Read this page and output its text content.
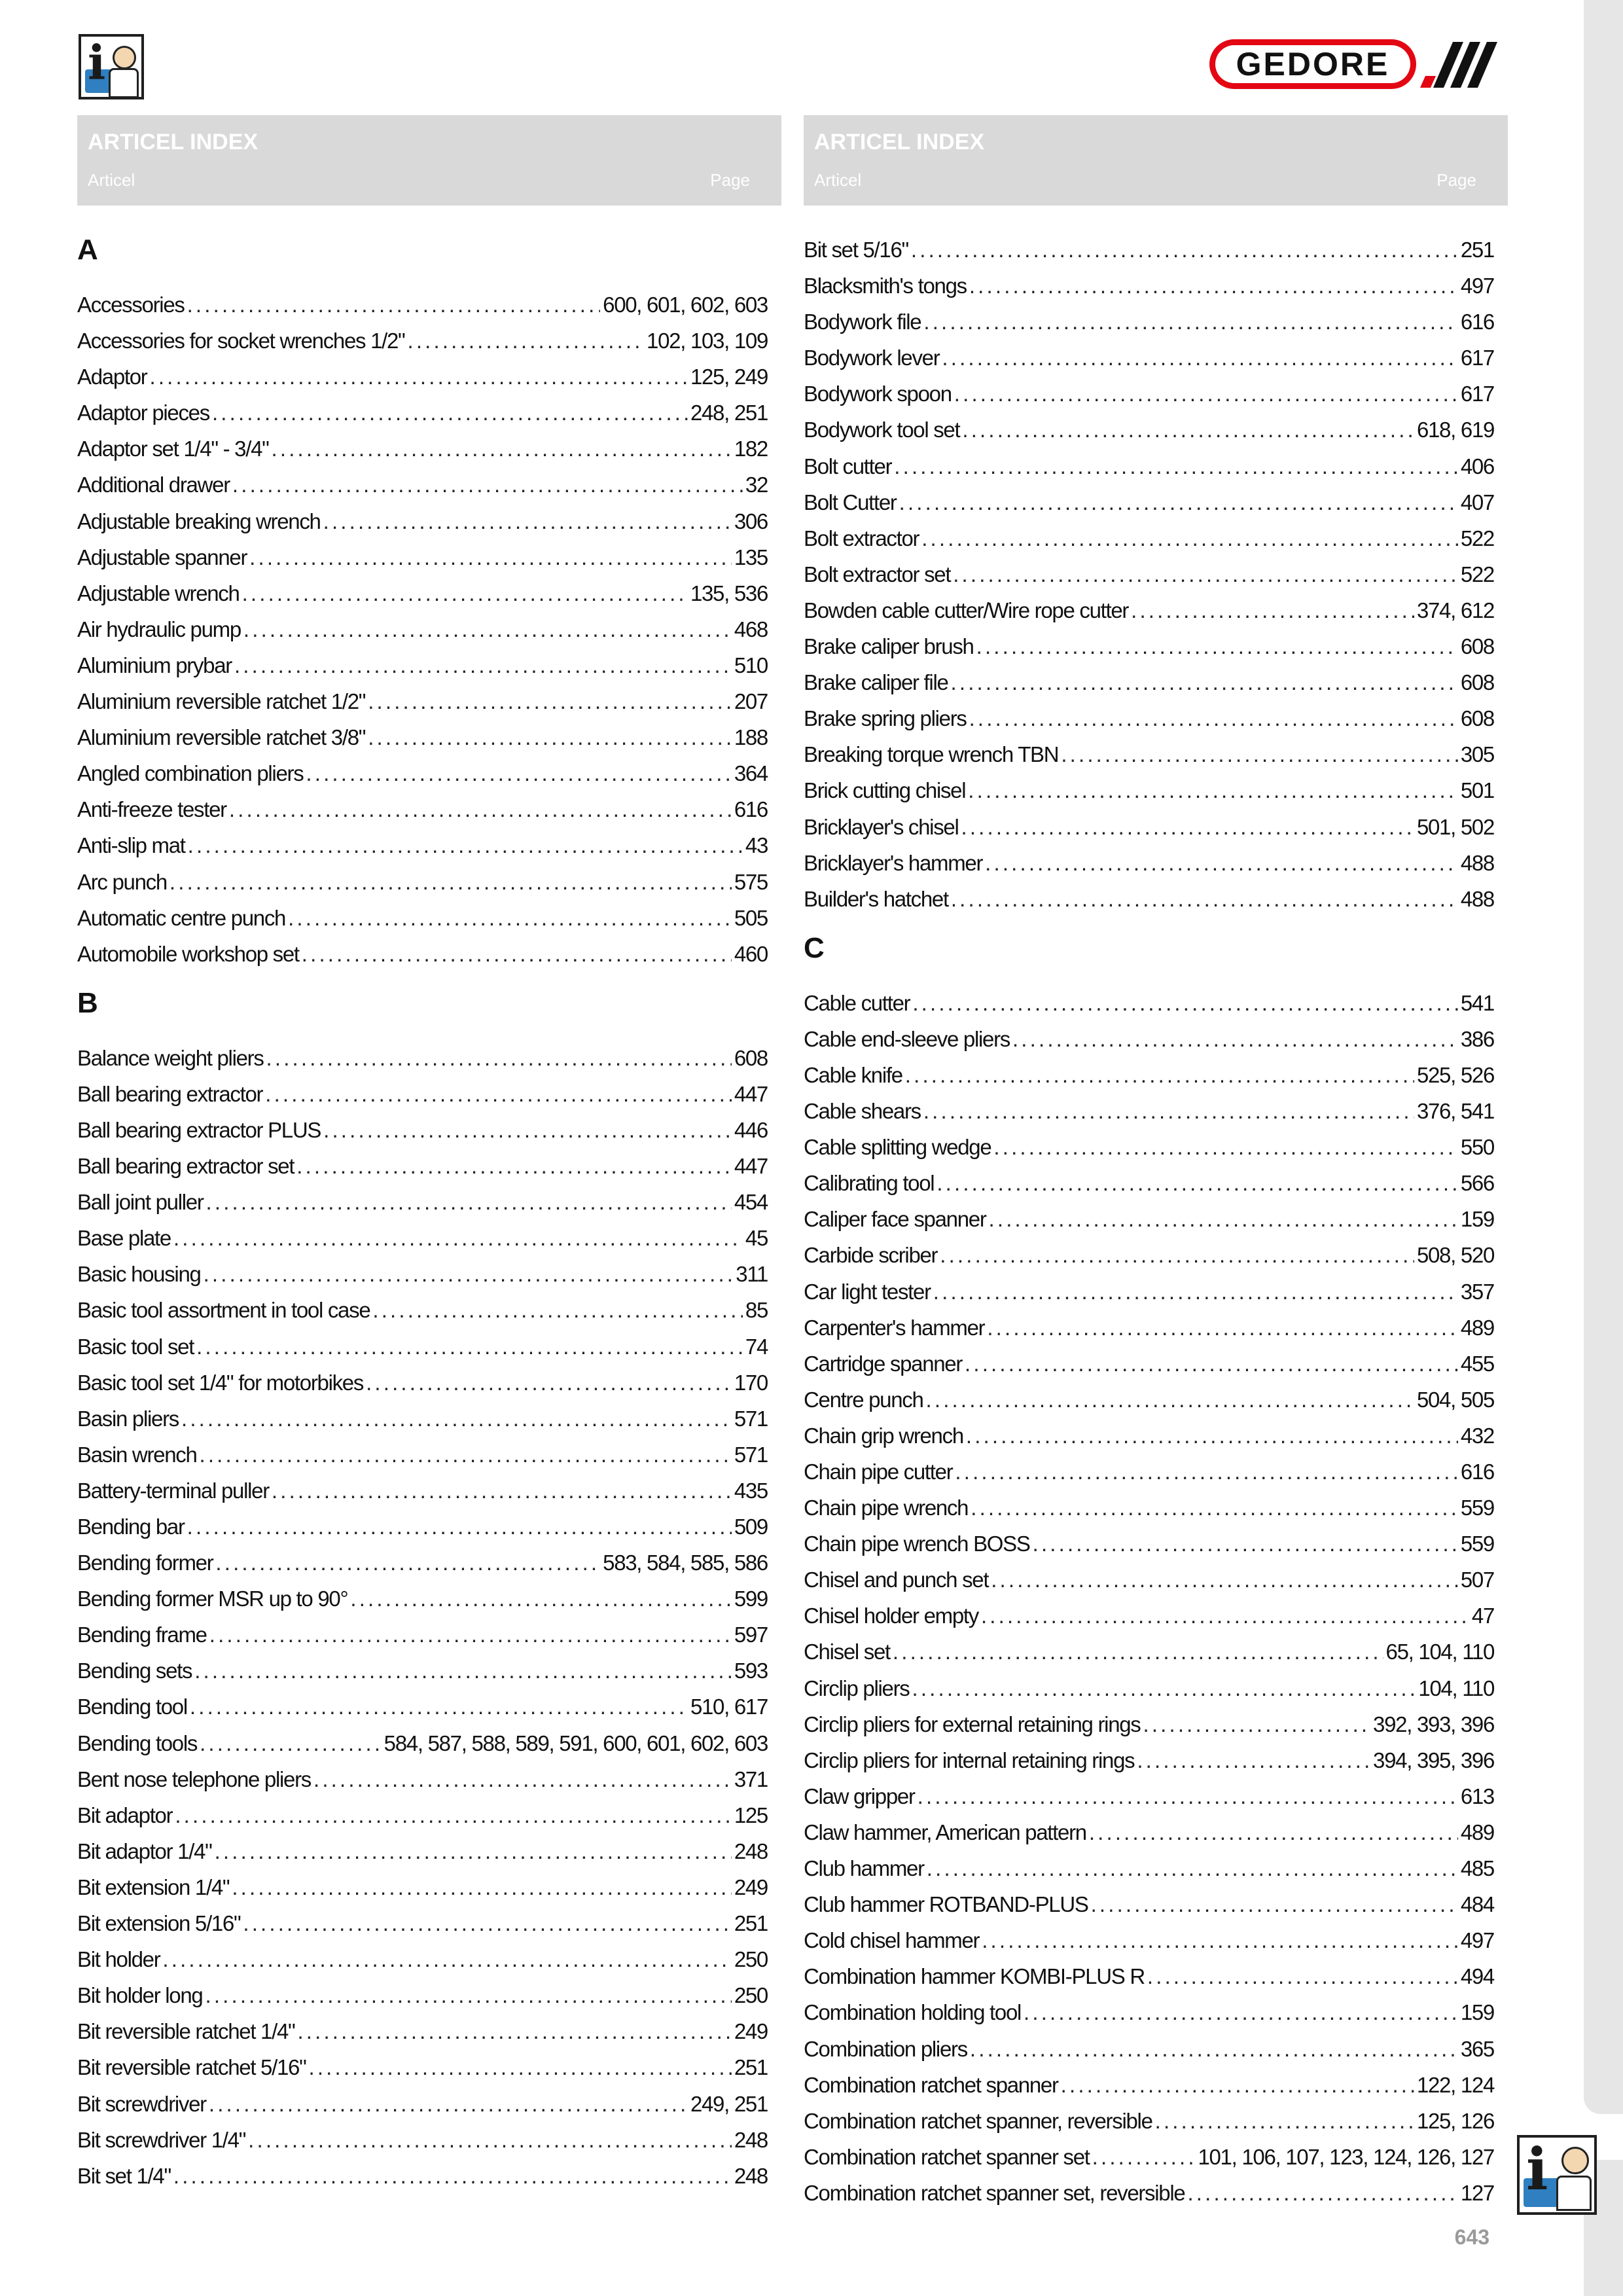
i	GEDORE
ARTICEL INDEX
Articel	Page
ARTICEL INDEX
Articel	Page
A
Accessories . . .	600, 601, 602, 603
Accessories for socket wrenches 1/2" . . .	102, 103, 109
Adaptor . . .	125, 249
Adaptor pieces . . .	248, 251
Adaptor set 1/4" - 3/4" . . .	182
Additional drawer . . .	32
Adjustable breaking wrench . . .	306
Adjustable spanner . . .	135
Adjustable wrench . . .	135, 536
Air hydraulic pump . . .	468
Aluminium prybar . . .	510
Aluminium reversible ratchet 1/2" . . .	207
Aluminium reversible ratchet 3/8" . . .	188
Angled combination pliers . . .	364
Anti-freeze tester . . .	616
Anti-slip mat . . .	43
Arc punch . . .	575
Automatic centre punch . . .	505
Automobile workshop set . . .	460
B
Balance weight pliers . . .	608
Ball bearing extractor . . .	447
Ball bearing extractor PLUS . . .	446
Ball bearing extractor set . . .	447
Ball joint puller . . .	454
Base plate . . .	45
Basic housing . . .	311
Basic tool assortment in tool case . . .	85
Basic tool set . . .	74
Basic tool set 1/4" for motorbikes . . .	170
Basin pliers . . .	571
Basin wrench . . .	571
Battery-terminal puller . . .	435
Bending bar . . .	509
Bending former . . .	583, 584, 585, 586
Bending former MSR up to 90° . . .	599
Bending frame . . .	597
Bending sets . . .	593
Bending tool . . .	510, 617
Bending tools . . .	584, 587, 588, 589, 591, 600, 601, 602, 603
Bent nose telephone pliers . . .	371
Bit adaptor . . .	125
Bit adaptor 1/4" . . .	248
Bit extension 1/4" . . .	249
Bit extension 5/16" . . .	251
Bit holder . . .	250
Bit holder long . . .	250
Bit reversible ratchet 1/4" . . .	249
Bit reversible ratchet 5/16" . . .	251
Bit screwdriver . . .	249, 251
Bit screwdriver 1/4" . . .	248
Bit set 1/4" . . .	248
Bit set 5/16" . . .	251
Blacksmith's tongs . . .	497
Bodywork file . . .	616
Bodywork lever . . .	617
Bodywork spoon . . .	617
Bodywork tool set . . .	618, 619
Bolt cutter . . .	406
Bolt Cutter . . .	407
Bolt extractor . . .	522
Bolt extractor set . . .	522
Bowden cable cutter/Wire rope cutter . . .	374, 612
Brake caliper brush . . .	608
Brake caliper file . . .	608
Brake spring pliers . . .	608
Breaking torque wrench TBN . . .	305
Brick cutting chisel . . .	501
Bricklayer's chisel . . .	501, 502
Bricklayer's hammer . . .	488
Builder's hatchet . . .	488
C
Cable cutter . . .	541
Cable end-sleeve pliers . . .	386
Cable knife . . .	525, 526
Cable shears . . .	376, 541
Cable splitting wedge . . .	550
Calibrating tool . . .	566
Caliper face spanner . . .	159
Carbide scriber . . .	508, 520
Car light tester . . .	357
Carpenter's hammer . . .	489
Cartridge spanner . . .	455
Centre punch . . .	504, 505
Chain grip wrench . . .	432
Chain pipe cutter . . .	616
Chain pipe wrench . . .	559
Chain pipe wrench BOSS . . .	559
Chisel and punch set . . .	507
Chisel holder empty . . .	47
Chisel set . . .	65, 104, 110
Circlip pliers . . .	104, 110
Circlip pliers for external retaining rings . . .	392, 393, 396
Circlip pliers for internal retaining rings . . .	394, 395, 396
Claw gripper . . .	613
Claw hammer, American pattern . . .	489
Club hammer . . .	485
Club hammer ROTBAND-PLUS . . .	484
Cold chisel hammer . . .	497
Combination hammer KOMBI-PLUS R . . .	494
Combination holding tool . . .	159
Combination pliers . . .	365
Combination ratchet spanner . . .	122, 124
Combination ratchet spanner, reversible . . .	125, 126
Combination ratchet spanner set . . .	101, 106, 107, 123, 124, 126, 127
Combination ratchet spanner set, reversible . . .	127 i
643
